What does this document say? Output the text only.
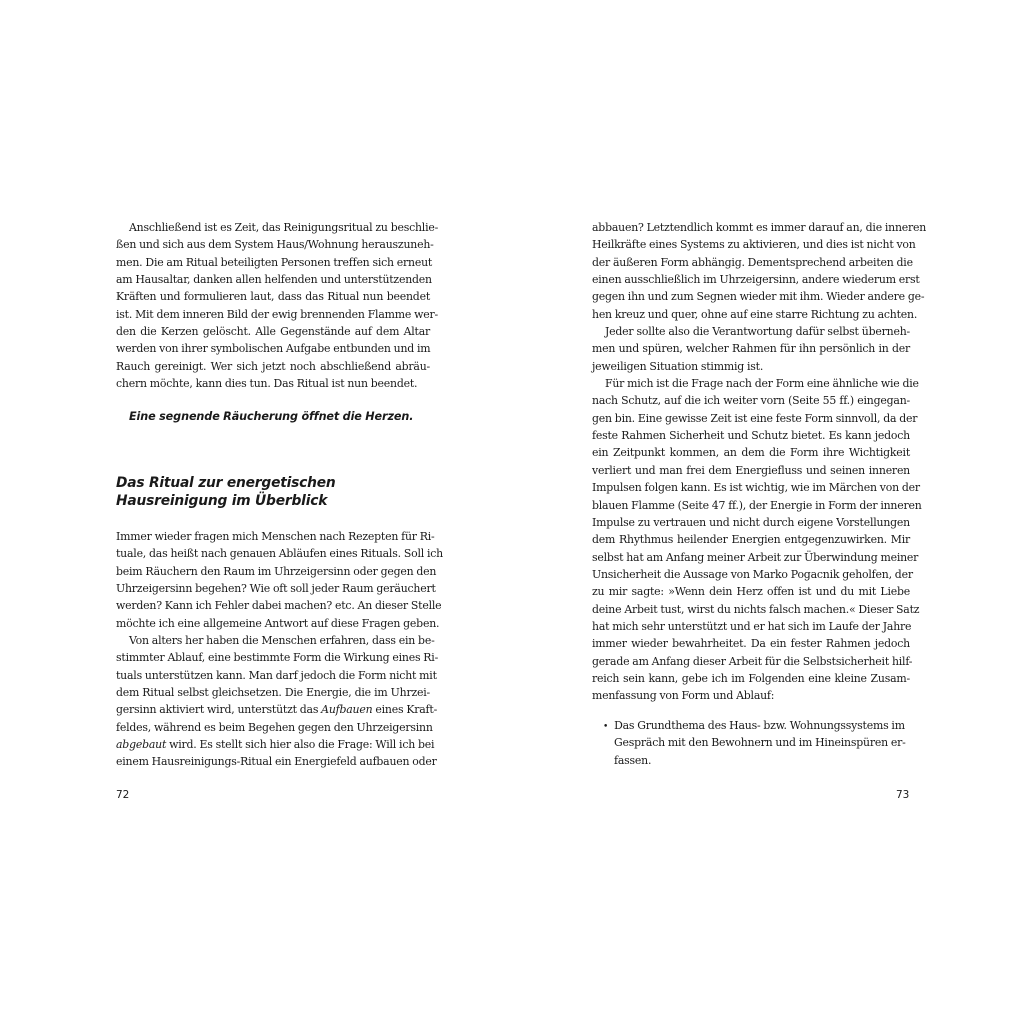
Anschließend ist es Zeit, das Reinigungsritual zu beschlie-
ßen und sich aus dem System Haus/Wohnung herauszuneh-
men. Die am Ritual beteiligten Personen treffen sich erneut
am Hausaltar, danken allen helfenden und unterstützenden
Kräften und formulieren laut, dass das Ritual nun beendet
ist. Mit dem inneren Bild der ewig brennenden Flamme wer-
den die Kerzen gelöscht. Alle Gegenstände auf dem Altar
werden von ihrer symbolischen Aufgabe entbunden und im
Rauch gereinigt. Wer sich jetzt noch abschließend abräu-
chern möchte, kann dies tun. Das Ritual ist nun beendet.
Eine segnende Räucherung öffnet die Herzen.
Das Ritual zur energetischen
Hausreinigung im Überblick
Immer wieder fragen mich Menschen nach Rezepten für Ri-
tuale, das heißt nach genauen Abläufen eines Rituals. Soll ich
beim Räuchern den Raum im Uhrzeigersinn oder gegen den
Uhrzeigersinn begehen? Wie oft soll jeder Raum geräuchert
werden? Kann ich Fehler dabei machen? etc. An dieser Stelle
möchte ich eine allgemeine Antwort auf diese Fragen geben.
Von alters her haben die Menschen erfahren, dass ein be-
stimmter Ablauf, eine bestimmte Form die Wirkung eines Ri-
tuals unterstützen kann. Man darf jedoch die Form nicht mit
dem Ritual selbst gleichsetzen. Die Energie, die im Uhrzei-
gersinn aktiviert wird, unterstützt das Aufbauen eines Kraft-
feldes, während es beim Begehen gegen den Uhrzeigersinn
abgebaut wird. Es stellt sich hier also die Frage: Will ich bei
einem Hausreinigungs-Ritual ein Energiefeld aufbauen oder
72
abbauen? Letztendlich kommt es immer darauf an, die inneren
Heilkräfte eines Systems zu aktivieren, und dies ist nicht von
der äußeren Form abhängig. Dementsprechend arbeiten die
einen ausschließlich im Uhrzeigersinn, andere wiederum erst
gegen ihn und zum Segnen wieder mit ihm. Wieder andere ge-
hen kreuz und quer, ohne auf eine starre Richtung zu achten.
Jeder sollte also die Verantwortung dafür selbst überneh-
men und spüren, welcher Rahmen für ihn persönlich in der
jeweiligen Situation stimmig ist.
Für mich ist die Frage nach der Form eine ähnliche wie die
nach Schutz, auf die ich weiter vorn (Seite 55 ff.) eingegan-
gen bin. Eine gewisse Zeit ist eine feste Form sinnvoll, da der
feste Rahmen Sicherheit und Schutz bietet. Es kann jedoch
ein Zeitpunkt kommen, an dem die Form ihre Wichtigkeit
verliert und man frei dem Energiefluss und seinen inneren
Impulsen folgen kann. Es ist wichtig, wie im Märchen von der
blauen Flamme (Seite 47 ff.), der Energie in Form der inneren
Impulse zu vertrauen und nicht durch eigene Vorstellungen
dem Rhythmus heilender Energien entgegenzuwirken. Mir
selbst hat am Anfang meiner Arbeit zur Überwindung meiner
Unsicherheit die Aussage von Marko Pogacnik geholfen, der
zu mir sagte: »Wenn dein Herz offen ist und du mit Liebe
deine Arbeit tust, wirst du nichts falsch machen.« Dieser Satz
hat mich sehr unterstützt und er hat sich im Laufe der Jahre
immer wieder bewahrheitet. Da ein fester Rahmen jedoch
gerade am Anfang dieser Arbeit für die Selbstsicherheit hilf-
reich sein kann, gebe ich im Folgenden eine kleine Zusam-
menfassung von Form und Ablauf:
• Das Grundthema des Haus- bzw. Wohnungssystems im
Gespräch mit den Bewohnern und im Hineinspüren er-
fassen.
73
